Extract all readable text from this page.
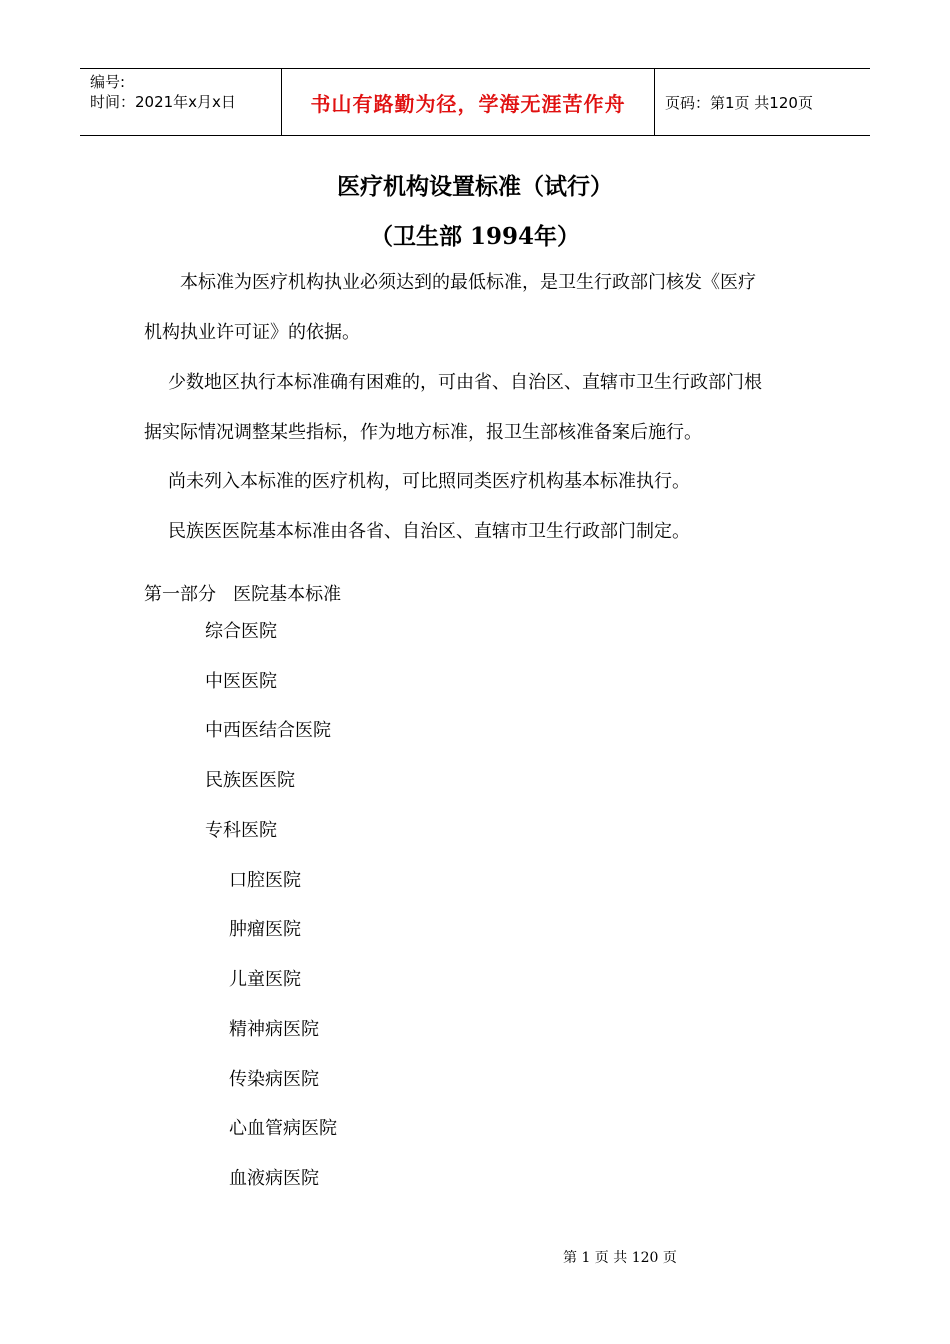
编号:
时间：2021年x月x日	书山有路勤为径，学海无涯苦作舟	页码：第1页 共120页
医疗机构设置标准（试行）
（卫生部 1994年）
本标准为医疗机构执业必须达到的最低标准，是卫生行政部门核发《医疗
机构执业许可证》的依据。
少数地区执行本标准确有困难的，可由省、自治区、直辖市卫生行政部门根
据实际情况调整某些指标，作为地方标准，报卫生部核准备案后施行。
尚未列入本标准的医疗机构，可比照同类医疗机构基本标准执行。
民族医医院基本标准由各省、自治区、直辖市卫生行政部门制定。
第一部分   医院基本标准
综合医院
中医医院
中西医结合医院
民族医医院
专科医院
口腔医院
肿瘤医院
儿童医院
精神病医院
传染病医院
心血管病医院
血液病医院
第 1 页 共 120 页
